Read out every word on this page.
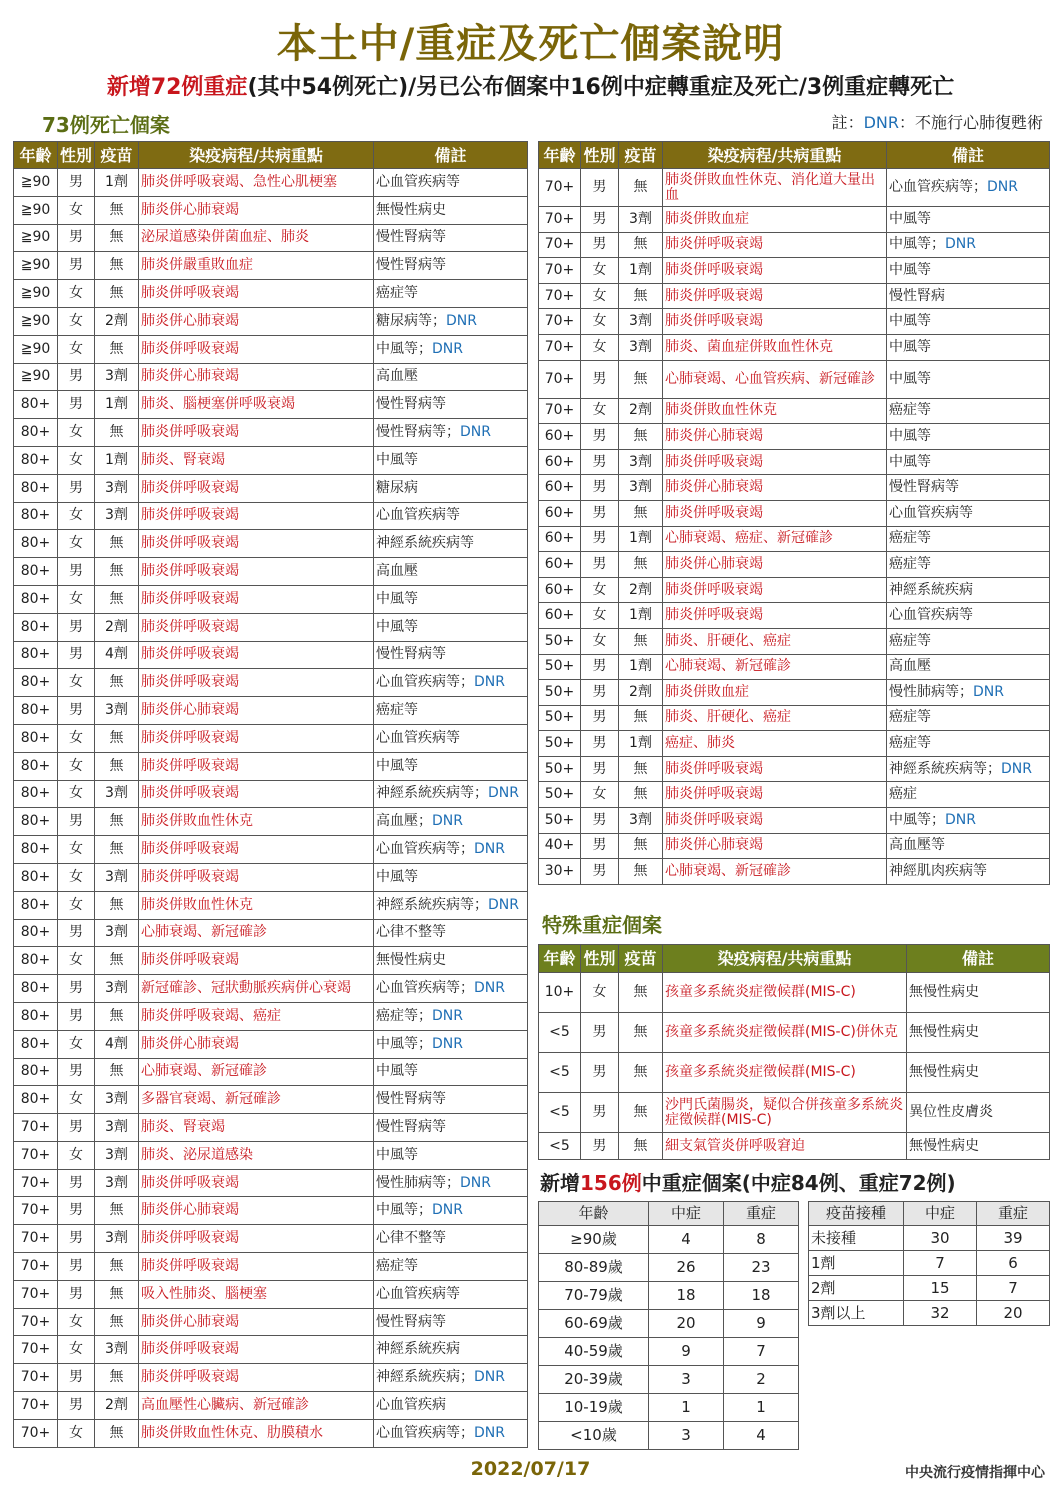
本土中/重症及死亡個案說明
新增72例重症(其中54例死亡)/另已公布個案中16例中症轉重症及死亡/3例重症轉死亡
73例死亡個案	註：DNR：不施行心肺復甦術
年齡	性別	疫苗	染疫病程/共病重點	備註
≧90	男	1劑	肺炎併呼吸衰竭、急性心肌梗塞	心血管疾病等
≧90	女	無	肺炎併心肺衰竭	無慢性病史
≧90	男	無	泌尿道感染併菌血症、肺炎	慢性腎病等
≧90	男	無	肺炎併嚴重敗血症	慢性腎病等
≧90	女	無	肺炎併呼吸衰竭	癌症等
≧90	女	2劑	肺炎併心肺衰竭	糖尿病等；DNR
≧90	女	無	肺炎併呼吸衰竭	中風等；DNR
≧90	男	3劑	肺炎併心肺衰竭	高血壓
80+	男	1劑	肺炎、腦梗塞併呼吸衰竭	慢性腎病等
80+	女	無	肺炎併呼吸衰竭	慢性腎病等；DNR
80+	女	1劑	肺炎、腎衰竭	中風等
80+	男	3劑	肺炎併呼吸衰竭	糖尿病
80+	女	3劑	肺炎併呼吸衰竭	心血管疾病等
80+	女	無	肺炎併呼吸衰竭	神經系統疾病等
80+	男	無	肺炎併呼吸衰竭	高血壓
80+	女	無	肺炎併呼吸衰竭	中風等
80+	男	2劑	肺炎併呼吸衰竭	中風等
80+	男	4劑	肺炎併呼吸衰竭	慢性腎病等
80+	女	無	肺炎併呼吸衰竭	心血管疾病等；DNR
80+	男	3劑	肺炎併心肺衰竭	癌症等
80+	女	無	肺炎併呼吸衰竭	心血管疾病等
80+	女	無	肺炎併呼吸衰竭	中風等
80+	女	3劑	肺炎併呼吸衰竭	神經系統疾病等；DNR
80+	男	無	肺炎併敗血性休克	高血壓；DNR
80+	女	無	肺炎併呼吸衰竭	心血管疾病等；DNR
80+	女	3劑	肺炎併呼吸衰竭	中風等
80+	女	無	肺炎併敗血性休克	神經系統疾病等；DNR
80+	男	3劑	心肺衰竭、新冠確診	心律不整等
80+	女	無	肺炎併呼吸衰竭	無慢性病史
80+	男	3劑	新冠確診、冠狀動脈疾病併心衰竭	心血管疾病等；DNR
80+	男	無	肺炎併呼吸衰竭、癌症	癌症等；DNR
80+	女	4劑	肺炎併心肺衰竭	中風等；DNR
80+	男	無	心肺衰竭、新冠確診	中風等
80+	女	3劑	多器官衰竭、新冠確診	慢性腎病等
70+	男	3劑	肺炎、腎衰竭	慢性腎病等
70+	女	3劑	肺炎、泌尿道感染	中風等
70+	男	3劑	肺炎併呼吸衰竭	慢性肺病等；DNR
70+	男	無	肺炎併心肺衰竭	中風等；DNR
70+	男	3劑	肺炎併呼吸衰竭	心律不整等
70+	男	無	肺炎併呼吸衰竭	癌症等
70+	男	無	吸入性肺炎、腦梗塞	心血管疾病等
70+	女	無	肺炎併心肺衰竭	慢性腎病等
70+	女	3劑	肺炎併呼吸衰竭	神經系統疾病
70+	男	無	肺炎併呼吸衰竭	神經系統疾病；DNR
70+	男	2劑	高血壓性心臟病、新冠確診	心血管疾病
70+	女	無	肺炎併敗血性休克、肋膜積水	心血管疾病等；DNR
年齡	性別	疫苗	染疫病程/共病重點	備註
70+	男	無	肺炎併敗血性休克、消化道大量出血	心血管疾病等；DNR
70+	男	3劑	肺炎併敗血症	中風等
70+	男	無	肺炎併呼吸衰竭	中風等；DNR
70+	女	1劑	肺炎併呼吸衰竭	中風等
70+	女	無	肺炎併呼吸衰竭	慢性腎病
70+	女	3劑	肺炎併呼吸衰竭	中風等
70+	女	3劑	肺炎、菌血症併敗血性休克	中風等
70+	男	無	心肺衰竭、心血管疾病、新冠確診	中風等
70+	女	2劑	肺炎併敗血性休克	癌症等
60+	男	無	肺炎併心肺衰竭	中風等
60+	男	3劑	肺炎併呼吸衰竭	中風等
60+	男	3劑	肺炎併心肺衰竭	慢性腎病等
60+	男	無	肺炎併呼吸衰竭	心血管疾病等
60+	男	1劑	心肺衰竭、癌症、新冠確診	癌症等
60+	男	無	肺炎併心肺衰竭	癌症等
60+	女	2劑	肺炎併呼吸衰竭	神經系統疾病
60+	女	1劑	肺炎併呼吸衰竭	心血管疾病等
50+	女	無	肺炎、肝硬化、癌症	癌症等
50+	男	1劑	心肺衰竭、新冠確診	高血壓
50+	男	2劑	肺炎併敗血症	慢性肺病等；DNR
50+	男	無	肺炎、肝硬化、癌症	癌症等
50+	男	1劑	癌症、肺炎	癌症等
50+	男	無	肺炎併呼吸衰竭	神經系統疾病等；DNR
50+	女	無	肺炎併呼吸衰竭	癌症
50+	男	3劑	肺炎併呼吸衰竭	中風等；DNR
40+	男	無	肺炎併心肺衰竭	高血壓等
30+	男	無	心肺衰竭、新冠確診	神經肌肉疾病等
特殊重症個案
年齡	性別	疫苗	染疫病程/共病重點	備註
10+	女	無	孩童多系統炎症徵候群(MIS-C)	無慢性病史
<5	男	無	孩童多系統炎症徵候群(MIS-C)併休克	無慢性病史
<5	男	無	孩童多系統炎症徵候群(MIS-C)	無慢性病史
<5	男	無	沙門氏菌腸炎，疑似合併孩童多系統炎症徵候群(MIS-C)	異位性皮膚炎
<5	男	無	細支氣管炎併呼吸窘迫	無慢性病史
新增156例中重症個案(中症84例、重症72例)
年齡	中症	重症
≥90歲	4	8
80-89歲	26	23
70-79歲	18	18
60-69歲	20	9
40-59歲	9	7
20-39歲	3	2
10-19歲	1	1
<10歲	3	4
疫苗接種	中症	重症
未接種	30	39
1劑	7	6
2劑	15	7
3劑以上	32	20
2022/07/17	中央流行疫情指揮中心
